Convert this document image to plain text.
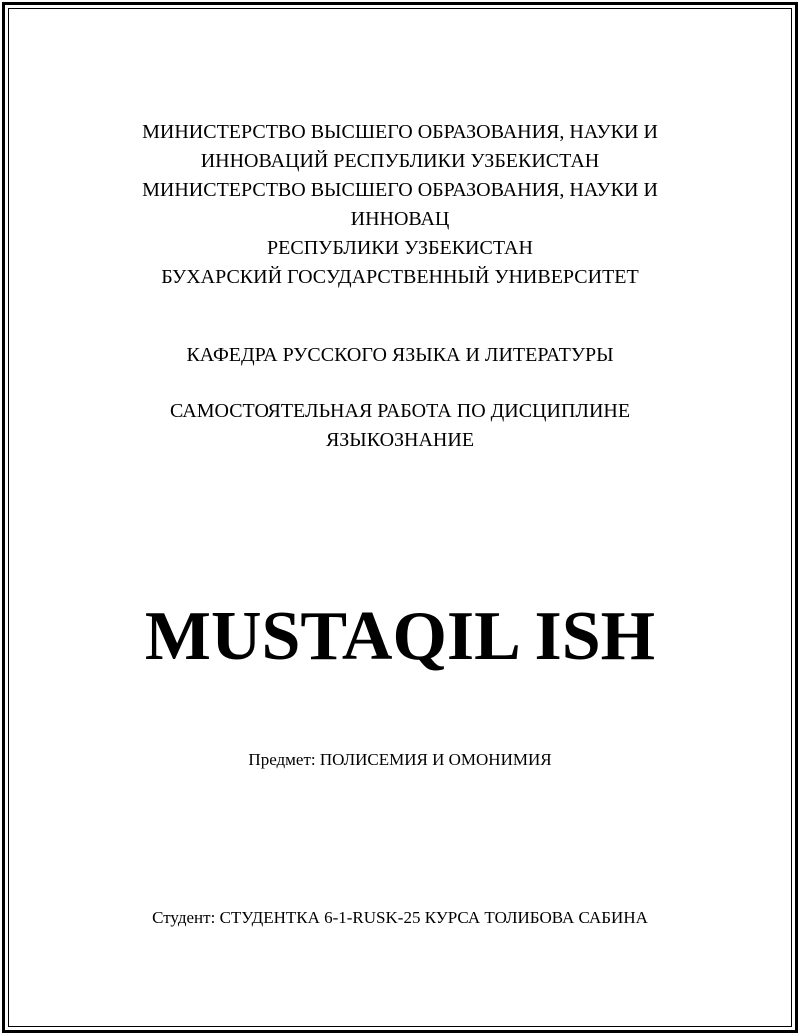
МИНИСТЕРСТВО ВЫСШЕГО ОБРАЗОВАНИЯ, НАУКИ И
ИННОВАЦИЙ РЕСПУБЛИКИ УЗБЕКИСТАН
МИНИСТЕРСТВО ВЫСШЕГО ОБРАЗОВАНИЯ, НАУКИ И
ИННОВАЦ
РЕСПУБЛИКИ УЗБЕКИСТАН
БУХАРСКИЙ ГОСУДАРСТВЕННЫЙ УНИВЕРСИТЕТ
КАФЕДРА РУССКОГО ЯЗЫКА И ЛИТЕРАТУРЫ
САМОСТОЯТЕЛЬНАЯ РАБОТА ПО ДИСЦИПЛИНЕ
ЯЗЫКОЗНАНИЕ
MUSTAQIL ISH
Предмет: ПОЛИСЕМИЯ И ОМОНИМИЯ
Студент: СТУДЕНТКА 6-1-RUSK-25 КУРСА ТОЛИБОВА САБИНА
